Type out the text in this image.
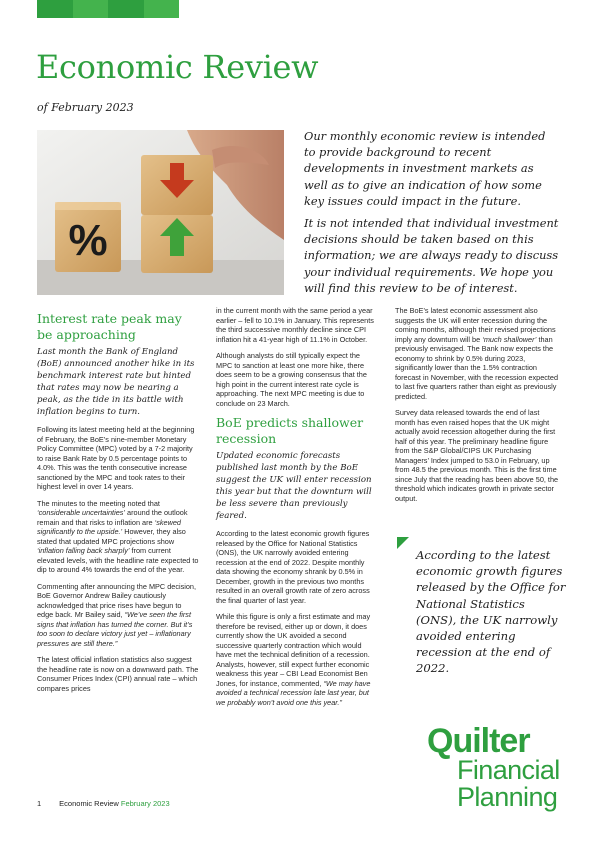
Economic Review
of February 2023
%

Our monthly economic review is intended to provide background to recent developments in investment markets as well as to give an indication of how some key issues could impact in the future.

It is not intended that individual investment decisions should be taken based on this information; we are always ready to discuss your individual requirements. We hope you will find this review to be of interest.

Interest rate peak may be approaching

Last month the Bank of England (BoE) announced another hike in its benchmark interest rate but hinted that rates may now be nearing a peak, as the tide in its battle with inflation begins to turn.

Following its latest meeting held at the beginning of February, the BoE’s nine-member Monetary Policy Committee (MPC) voted by a 7-2 majority to raise Bank Rate by 0.5 percentage points to 4.0%. This was the tenth consecutive increase sanctioned by the MPC and took rates to their highest level in over 14 years.

The minutes to the meeting noted that ‘considerable uncertainties’ around the outlook remain and that risks to inflation are ‘skewed significantly to the upside.’ However, they also stated that updated MPC projections show ‘inflation falling back sharply’ from current elevated levels, with the headline rate expected to dip to around 4% towards the end of the year.

Commenting after announcing the MPC decision, BoE Governor Andrew Bailey cautiously acknowledged that price rises have begun to edge back. Mr Bailey said, “We’ve seen the first signs that inflation has turned the corner. But it’s too soon to declare victory just yet – inflationary pressures are still there.”

The latest official inflation statistics also suggest the headline rate is now on a downward path. The Consumer Prices Index (CPI) annual rate – which compares prices

in the current month with the same period a year earlier – fell to 10.1% in January. This represents the third successive monthly decline since CPI inflation hit a 41-year high of 11.1% in October.

Although analysts do still typically expect the MPC to sanction at least one more hike, there does seem to be a growing consensus that the high point in the current interest rate cycle is approaching. The next MPC meeting is due to conclude on 23 March.

BoE predicts shallower recession

Updated economic forecasts published last month by the BoE suggest the UK will enter recession this year but that the downturn will be less severe than previously feared.

According to the latest economic growth figures released by the Office for National Statistics (ONS), the UK narrowly avoided entering recession at the end of 2022. Despite monthly data showing the economy shrank by 0.5% in December, growth in the previous two months resulted in an overall growth rate of zero across the final quarter of last year.

While this figure is only a first estimate and may therefore be revised, either up or down, it does currently show the UK avoided a second successive quarterly contraction which would have met the technical definition of a recession. Analysts, however, still expect further economic weakness this year – CBI Lead Economist Ben Jones, for instance, commented, “We may have avoided a technical recession late last year, but we probably won’t avoid one this year.”

The BoE’s latest economic assessment also suggests the UK will enter recession during the coming months, although their revised projections imply any downturn will be ‘much shallower’ than previously envisaged. The Bank now expects the economy to shrink by 0.5% during 2023, significantly lower than the 1.5% contraction forecast in November, with the recession expected to last five quarters rather than eight as previously predicted.

Survey data released towards the end of last month has even raised hopes that the UK might actually avoid recession altogether during the first half of this year. The preliminary headline figure from the S&P Global/CIPS UK Purchasing Managers’ Index jumped to 53.0 in February, up from 48.5 the previous month. This is the first time since July that the reading has been above 50, the threshold which indicates growth in private sector output.

According to the latest economic growth figures released by the Office for National Statistics (ONS), the UK narrowly avoided entering recession at the end of 2022.
Quilter
Financial
Planning
1 Economic Review February 2023
